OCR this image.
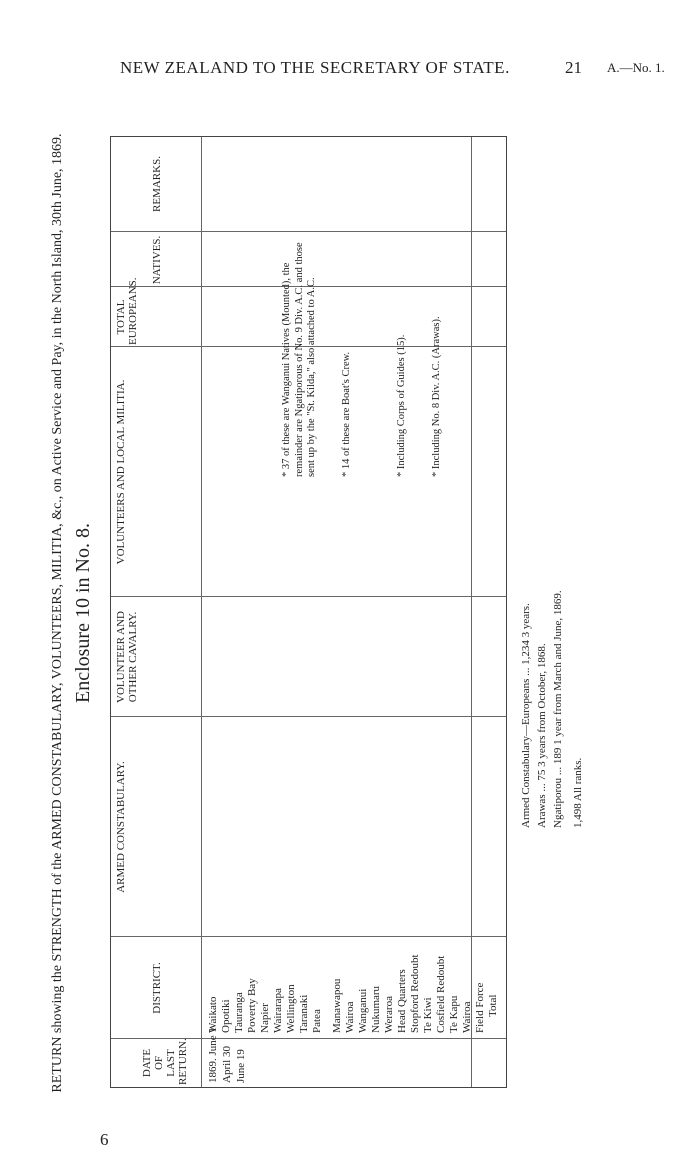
NEW ZEALAND TO THE SECRETARY OF STATE.	21 A.—No. 1.
RETURN showing the STRENGTH of the ARMED CONSTABULARY, VOLUNTEERS, MILITIA, &c., on Active Service and Pay, in the North Island, 30th June, 1869. Enclosure 10 in No. 8.
DATE OF LAST RETURN.
DISTRICT.
ARMED CONSTABULARY.
VOLUNTEER AND OTHER CAVALRY.
VOLUNTEERS AND LOCAL MILITIA.
TOTAL EUROPEANS.
NATIVES.
REMARKS.
1869. June 1 April 30 June 19
Waikato Opotiki Tauranga Poverty Bay Napier Wairarapa Wellington Taranaki Patea Manawapou Wairoa Wanganui Nukumaru Weraroa Head Quarters Stopford Redoubt Te Kiwi Cosfield Redoubt Te Kapu Wairoa Field Force Total
* 37 of these are Wanganui Natives (Mounted), the remainder are Ngatiporous of No. 9 Div. A.C. and those sent up by the "St. Kilda," also attached to A.C. * 14 of these are Boat's Crew.	* Including Corps of Guides (15). * Including No. 8 Div. A.C. (Arawas).
Armed Constabulary—Europeans ... 1,234 3 years. Arawas ... 75 3 years from October, 1868. Ngatiporou ... 189 1 year from March and June, 1869. 1,498 All ranks.
6
